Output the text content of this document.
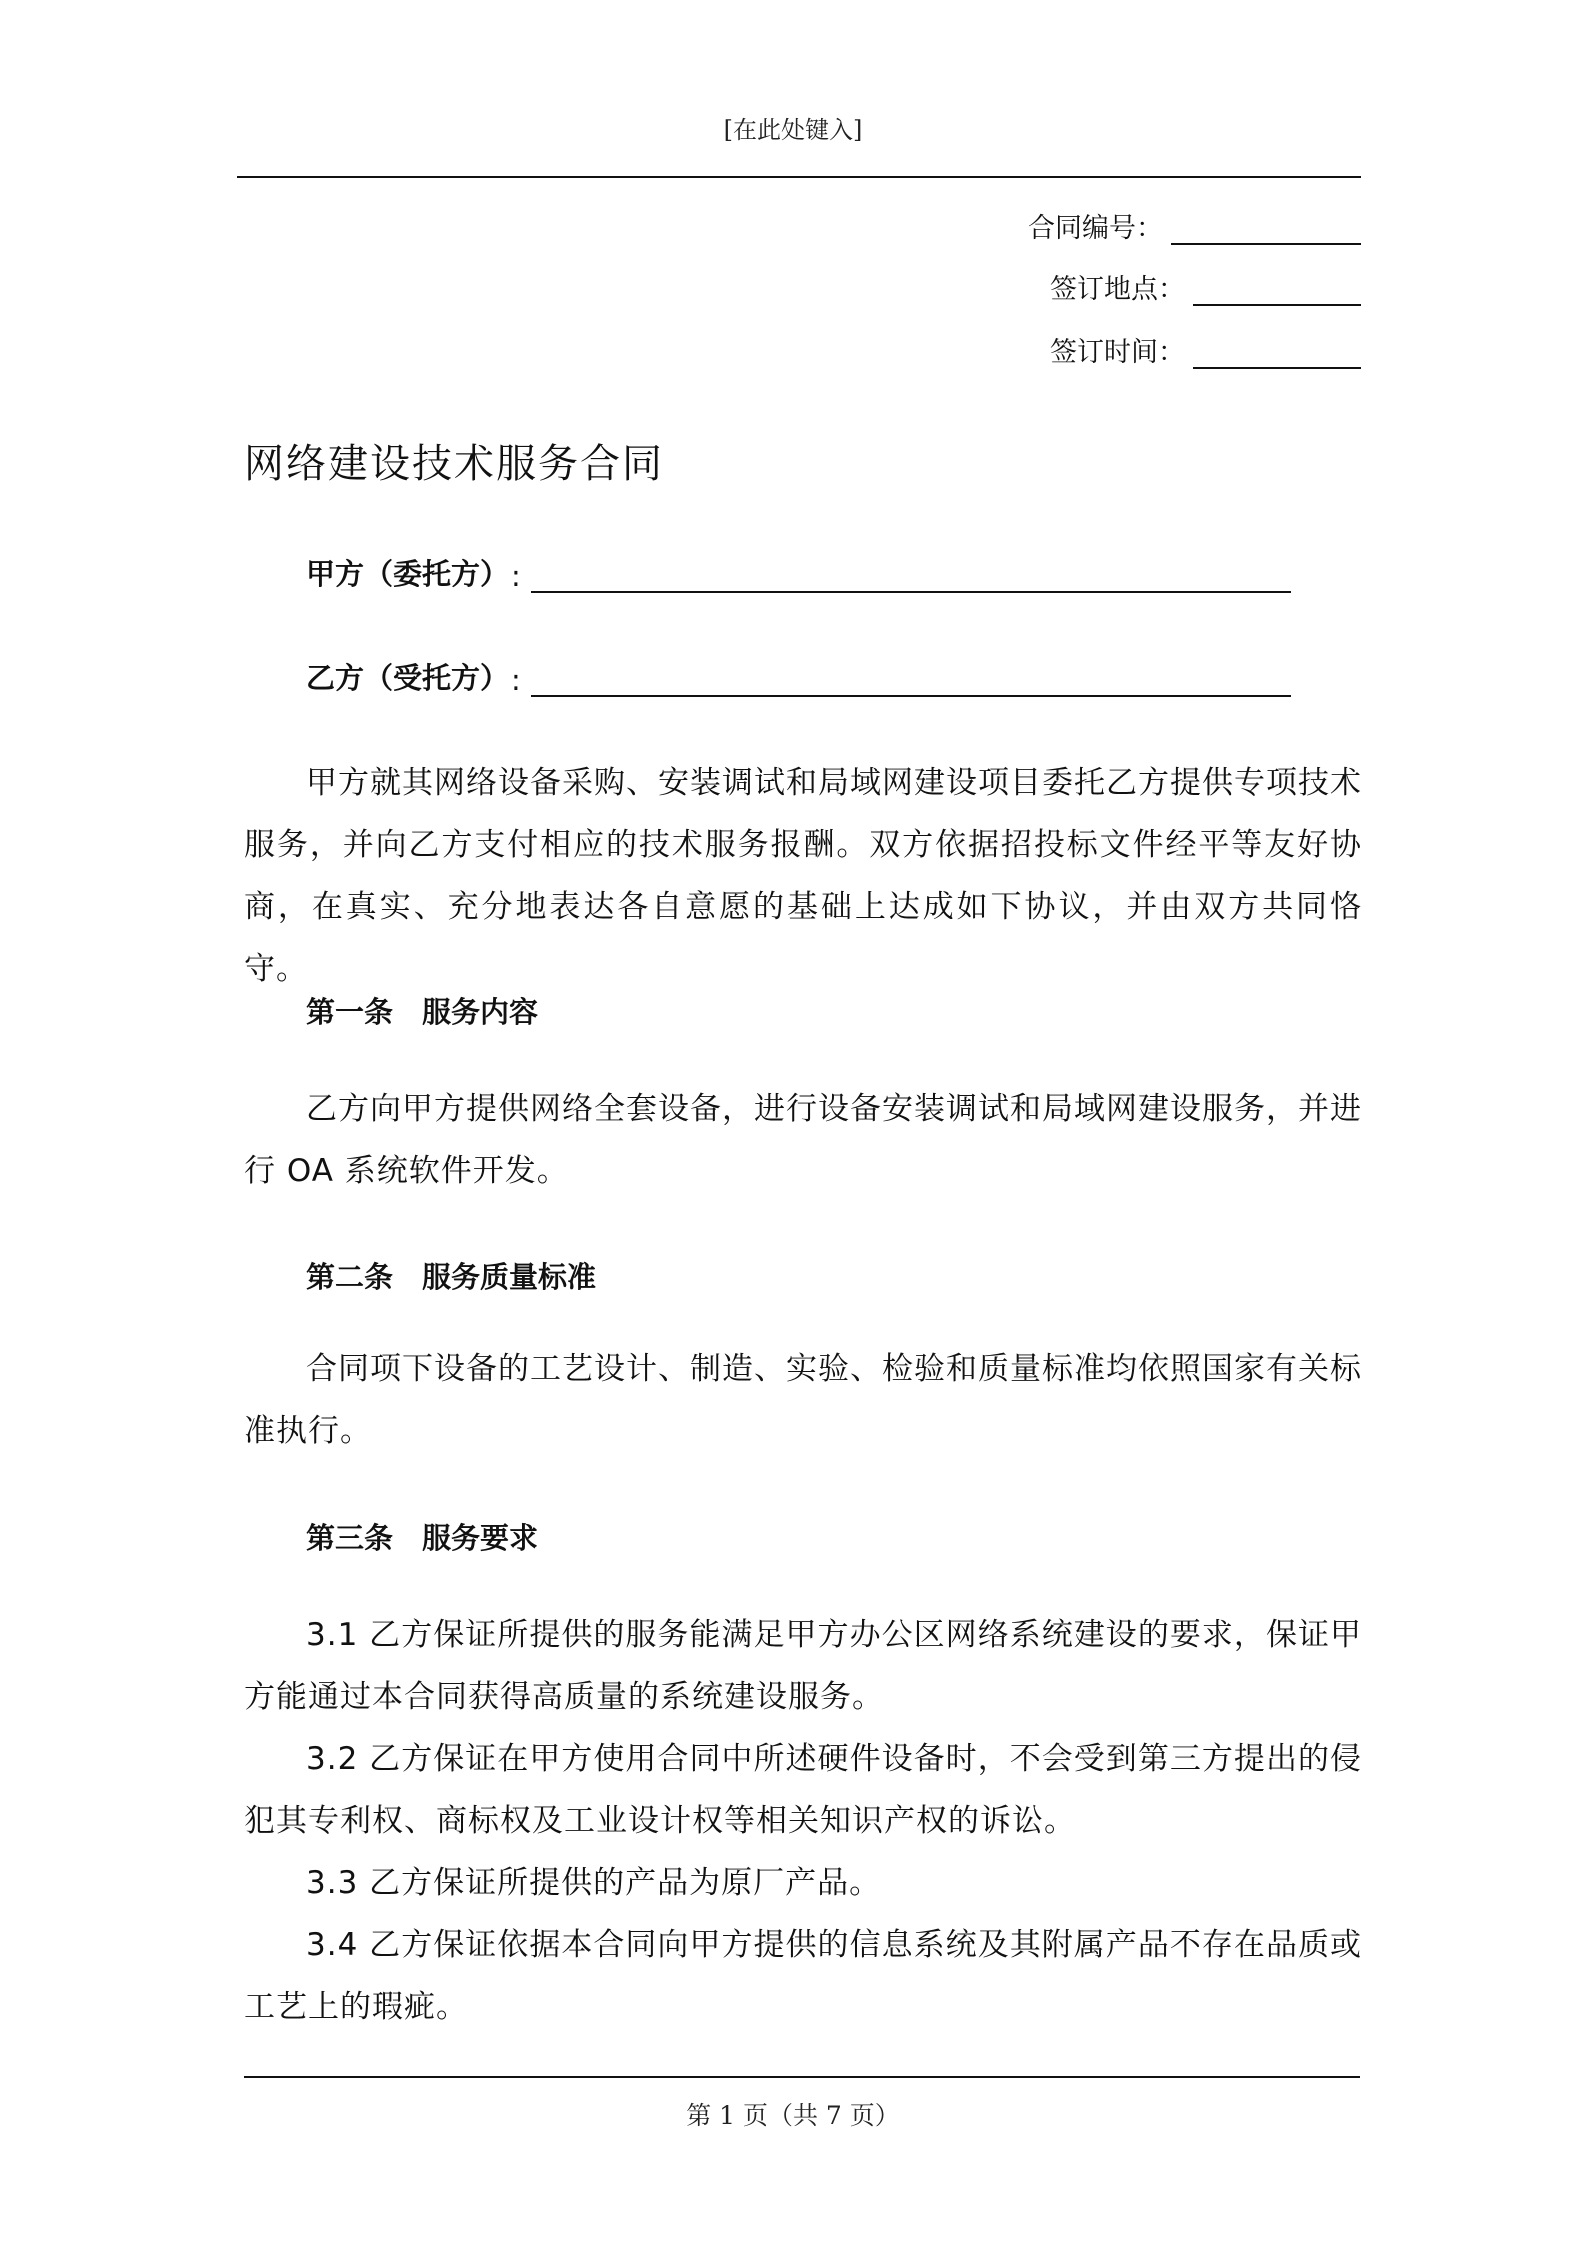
[在此处键入]
合同编号：
签订地点：
签订时间：
网络建设技术服务合同
甲方（委托方） :
乙方（受托方） :
甲方就其网络设备采购、安装调试和局域网建设项目委托乙方提供专项技术服务，并向乙方支付相应的技术服务报酬。双方依据招投标文件经平等友好协商，在真实、充分地表达各自意愿的基础上达成如下协议，并由双方共同恪守。
第一条　服务内容
乙方向甲方提供网络全套设备，进行设备安装调试和局域网建设服务，并进行 OA 系统软件开发。
第二条　服务质量标准
合同项下设备的工艺设计、制造、实验、检验和质量标准均依照国家有关标准执行。
第三条　服务要求
3.1 乙方保证所提供的服务能满足甲方办公区网络系统建设的要求，保证甲方能通过本合同获得高质量的系统建设服务。
3.2 乙方保证在甲方使用合同中所述硬件设备时，不会受到第三方提出的侵犯其专利权、商标权及工业设计权等相关知识产权的诉讼。
3.3 乙方保证所提供的产品为原厂产品。
3.4 乙方保证依据本合同向甲方提供的信息系统及其附属产品不存在品质或工艺上的瑕疵。
第 1 页（共 7 页）
